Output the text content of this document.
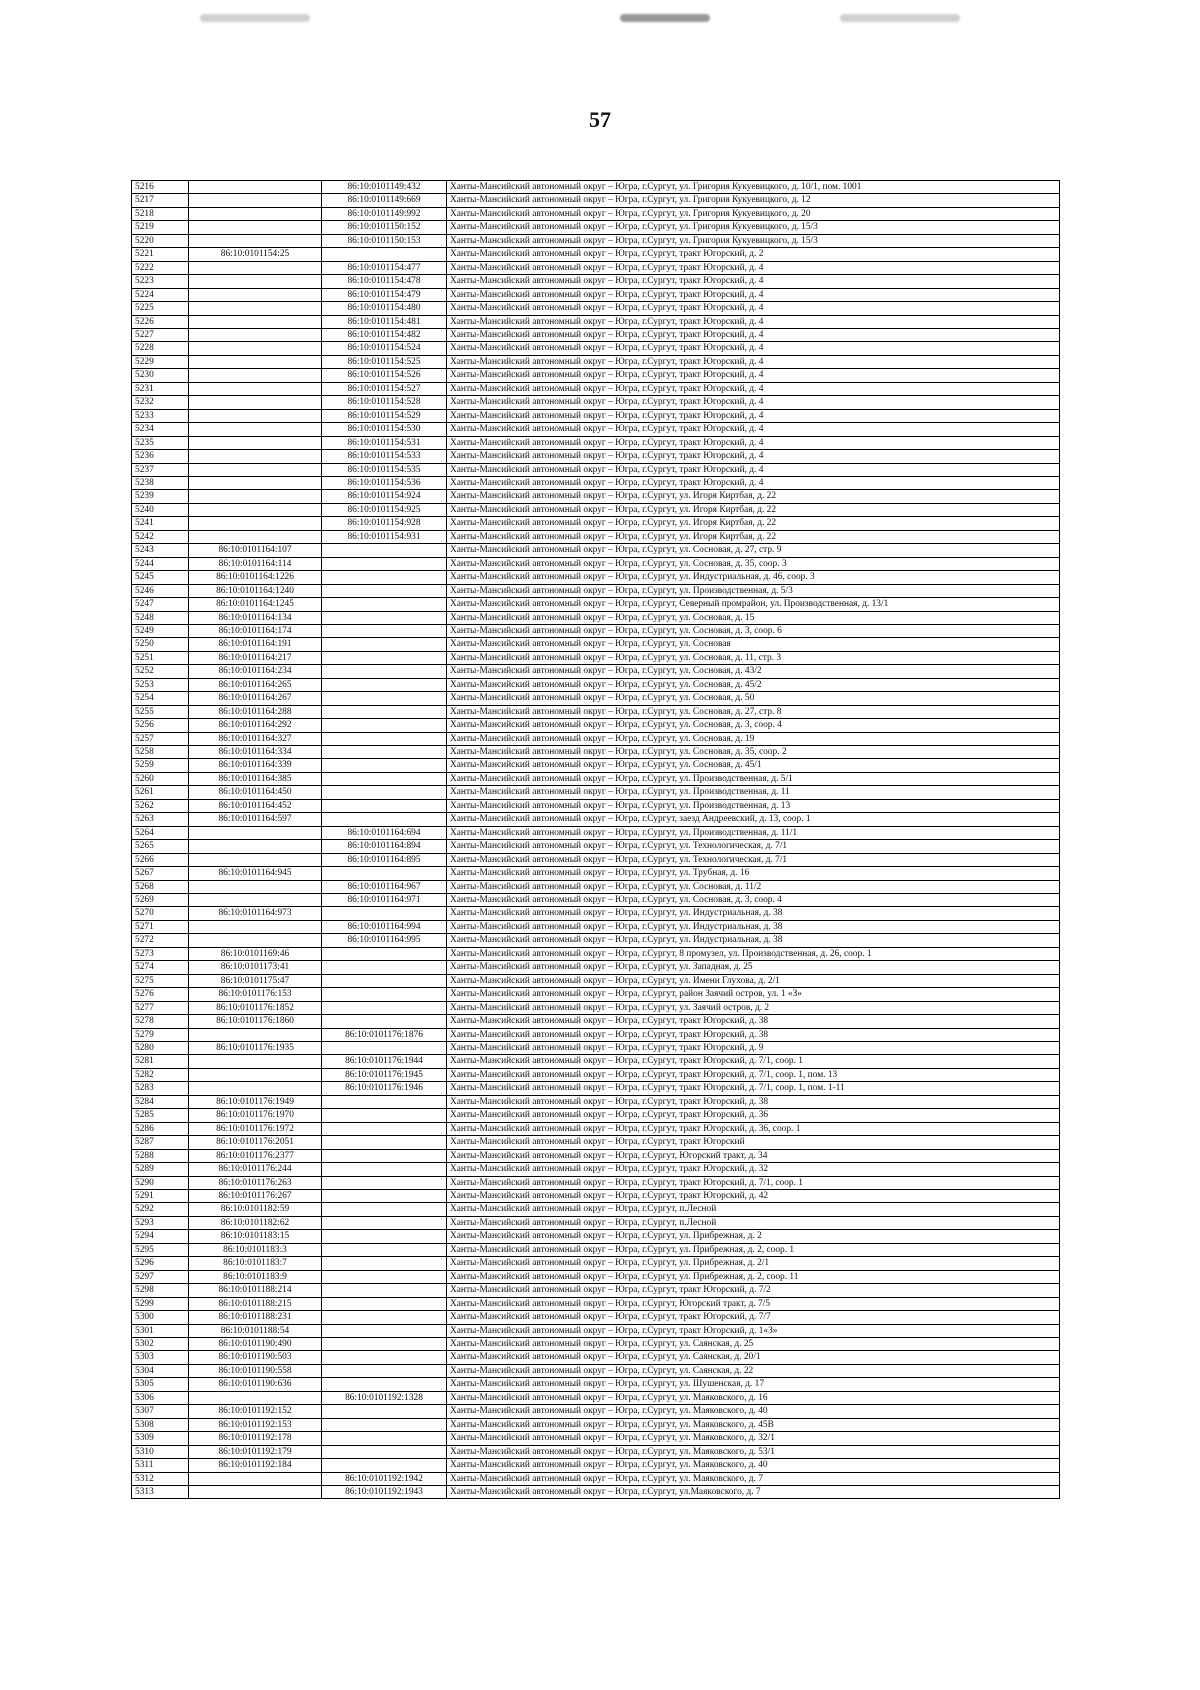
57
5216		86:10:0101149:432	Ханты-Мансийский автономный округ – Югра, г.Сургут, ул. Григория Кукуевицкого, д. 10/1, пом. 1001
5217		86:10:0101149:669	Ханты-Мансийский автономный округ – Югра, г.Сургут, ул. Григория Кукуевицкого, д. 12
5218		86:10:0101149:992	Ханты-Мансийский автономный округ – Югра, г.Сургут, ул. Григория Кукуевицкого, д. 20
5219		86:10:0101150:152	Ханты-Мансийский автономный округ – Югра, г.Сургут, ул. Григория Кукуевицкого, д. 15/3
5220		86:10:0101150:153	Ханты-Мансийский автономный округ – Югра, г.Сургут, ул. Григория Кукуевицкого, д. 15/3
5221	86:10:0101154:25		Ханты-Мансийский автономный округ – Югра, г.Сургут, тракт Югорский, д. 2
5222		86:10:0101154:477	Ханты-Мансийский автономный округ – Югра, г.Сургут, тракт Югорский, д. 4
5223		86:10:0101154:478	Ханты-Мансийский автономный округ – Югра, г.Сургут, тракт Югорский, д. 4
5224		86:10:0101154:479	Ханты-Мансийский автономный округ – Югра, г.Сургут, тракт Югорский, д. 4
5225		86:10:0101154:480	Ханты-Мансийский автономный округ – Югра, г.Сургут, тракт Югорский, д. 4
5226		86:10:0101154:481	Ханты-Мансийский автономный округ – Югра, г.Сургут, тракт Югорский, д. 4
5227		86:10:0101154:482	Ханты-Мансийский автономный округ – Югра, г.Сургут, тракт Югорский, д. 4
5228		86:10:0101154:524	Ханты-Мансийский автономный округ – Югра, г.Сургут, тракт Югорский, д. 4
5229		86:10:0101154:525	Ханты-Мансийский автономный округ – Югра, г.Сургут, тракт Югорский, д. 4
5230		86:10:0101154:526	Ханты-Мансийский автономный округ – Югра, г.Сургут, тракт Югорский, д. 4
5231		86:10:0101154:527	Ханты-Мансийский автономный округ – Югра, г.Сургут, тракт Югорский, д. 4
5232		86:10:0101154:528	Ханты-Мансийский автономный округ – Югра, г.Сургут, тракт Югорский, д. 4
5233		86:10:0101154:529	Ханты-Мансийский автономный округ – Югра, г.Сургут, тракт Югорский, д. 4
5234		86:10:0101154:530	Ханты-Мансийский автономный округ – Югра, г.Сургут, тракт Югорский, д. 4
5235		86:10:0101154:531	Ханты-Мансийский автономный округ – Югра, г.Сургут, тракт Югорский, д. 4
5236		86:10:0101154:533	Ханты-Мансийский автономный округ – Югра, г.Сургут, тракт Югорский, д. 4
5237		86:10:0101154:535	Ханты-Мансийский автономный округ – Югра, г.Сургут, тракт Югорский, д. 4
5238		86:10:0101154:536	Ханты-Мансийский автономный округ – Югра, г.Сургут, тракт Югорский, д. 4
5239		86:10:0101154:924	Ханты-Мансийский автономный округ – Югра, г.Сургут, ул. Игоря Киртбая, д. 22
5240		86:10:0101154:925	Ханты-Мансийский автономный округ – Югра, г.Сургут, ул. Игоря Киртбая, д. 22
5241		86:10:0101154:928	Ханты-Мансийский автономный округ – Югра, г.Сургут, ул. Игоря Киртбая, д. 22
5242		86:10:0101154:931	Ханты-Мансийский автономный округ – Югра, г.Сургут, ул. Игоря Киртбая, д. 22
5243	86:10:0101164:107		Ханты-Мансийский автономный округ – Югра, г.Сургут, ул. Сосновая, д. 27, стр. 9
5244	86:10:0101164:114		Ханты-Мансийский автономный округ – Югра, г.Сургут, ул. Сосновая, д. 35, соор. 3
5245	86:10:0101164:1226		Ханты-Мансийский автономный округ – Югра, г.Сургут, ул. Индустриальная, д. 46, соор. 3
5246	86:10:0101164:1240		Ханты-Мансийский автономный округ – Югра, г.Сургут, ул. Производственная, д. 5/3
5247	86:10:0101164:1245		Ханты-Мансийский автономный округ – Югра, г.Сургут, Северный промрайон, ул. Производственная, д. 13/1
5248	86:10:0101164:134		Ханты-Мансийский автономный округ – Югра, г.Сургут, ул. Сосновая, д. 15
5249	86:10:0101164:174		Ханты-Мансийский автономный округ – Югра, г.Сургут, ул. Сосновая, д. 3, соор. 6
5250	86:10:0101164:191		Ханты-Мансийский автономный округ – Югра, г.Сургут, ул. Сосновая
5251	86:10:0101164:217		Ханты-Мансийский автономный округ – Югра, г.Сургут, ул. Сосновая, д. 11, стр. 3
5252	86:10:0101164:234		Ханты-Мансийский автономный округ – Югра, г.Сургут, ул. Сосновая, д. 43/2
5253	86:10:0101164:265		Ханты-Мансийский автономный округ – Югра, г.Сургут, ул. Сосновая, д. 45/2
5254	86:10:0101164:267		Ханты-Мансийский автономный округ – Югра, г.Сургут, ул. Сосновая, д. 50
5255	86:10:0101164:288		Ханты-Мансийский автономный округ – Югра, г.Сургут, ул. Сосновая, д. 27, стр. 8
5256	86:10:0101164:292		Ханты-Мансийский автономный округ – Югра, г.Сургут, ул. Сосновая, д. 3, соор. 4
5257	86:10:0101164:327		Ханты-Мансийский автономный округ – Югра, г.Сургут, ул. Сосновая, д. 19
5258	86:10:0101164:334		Ханты-Мансийский автономный округ – Югра, г.Сургут, ул. Сосновая, д. 35, соор. 2
5259	86:10:0101164:339		Ханты-Мансийский автономный округ – Югра, г.Сургут, ул. Сосновая, д. 45/1
5260	86:10:0101164:385		Ханты-Мансийский автономный округ – Югра, г.Сургут, ул. Производственная, д. 5/1
5261	86:10:0101164:450		Ханты-Мансийский автономный округ – Югра, г.Сургут, ул. Производственная, д. 11
5262	86:10:0101164:452		Ханты-Мансийский автономный округ – Югра, г.Сургут, ул. Производственная, д. 13
5263	86:10:0101164:597		Ханты-Мансийский автономный округ – Югра, г.Сургут, заезд Андреевский, д. 13, соор. 1
5264		86:10:0101164:694	Ханты-Мансийский автономный округ – Югра, г.Сургут, ул. Производственная, д. 11/1
5265		86:10:0101164:894	Ханты-Мансийский автономный округ – Югра, г.Сургут, ул. Технологическая, д. 7/1
5266		86:10:0101164:895	Ханты-Мансийский автономный округ – Югра, г.Сургут, ул. Технологическая, д. 7/1
5267	86:10:0101164:945		Ханты-Мансийский автономный округ – Югра, г.Сургут, ул. Трубная, д. 16
5268		86:10:0101164:967	Ханты-Мансийский автономный округ – Югра, г.Сургут, ул. Сосновая, д. 11/2
5269		86:10:0101164:971	Ханты-Мансийский автономный округ – Югра, г.Сургут, ул. Сосновая, д. 3, соор. 4
5270	86:10:0101164:973		Ханты-Мансийский автономный округ – Югра, г.Сургут, ул. Индустриальная, д. 38
5271		86:10:0101164:994	Ханты-Мансийский автономный округ – Югра, г.Сургут, ул. Индустриальная, д. 38
5272		86:10:0101164:995	Ханты-Мансийский автономный округ – Югра, г.Сургут, ул. Индустриальная, д. 38
5273	86:10:0101169:46		Ханты-Мансийский автономный округ – Югра, г.Сургут, 8 промузел, ул. Производственная, д. 26, соор. 1
5274	86:10:0101173:41		Ханты-Мансийский автономный округ – Югра, г.Сургут, ул. Западная, д. 25
5275	86:10:0101175:47		Ханты-Мансийский автономный округ – Югра, г.Сургут, ул. Имени Глухова, д. 2/1
5276	86:10:0101176:153		Ханты-Мансийский автономный округ – Югра, г.Сургут, район Заячий остров, ул. 1 «З»
5277	86:10:0101176:1852		Ханты-Мансийский автономный округ – Югра, г.Сургут, ул. Заячий остров, д. 2
5278	86:10:0101176:1860		Ханты-Мансийский автономный округ – Югра, г.Сургут, тракт Югорский, д. 38
5279		86:10:0101176:1876	Ханты-Мансийский автономный округ – Югра, г.Сургут, тракт Югорский, д. 38
5280	86:10:0101176:1935		Ханты-Мансийский автономный округ – Югра, г.Сургут, тракт Югорский, д. 9
5281		86:10:0101176:1944	Ханты-Мансийский автономный округ – Югра, г.Сургут, тракт Югорский, д. 7/1, соор. 1
5282		86:10:0101176:1945	Ханты-Мансийский автономный округ – Югра, г.Сургут, тракт Югорский, д. 7/1, соор. 1, пом. 13
5283		86:10:0101176:1946	Ханты-Мансийский автономный округ – Югра, г.Сургут, тракт Югорский, д. 7/1, соор. 1, пом. 1-11
5284	86:10:0101176:1949		Ханты-Мансийский автономный округ – Югра, г.Сургут, тракт Югорский, д. 38
5285	86:10:0101176:1970		Ханты-Мансийский автономный округ – Югра, г.Сургут, тракт Югорский, д. 36
5286	86:10:0101176:1972		Ханты-Мансийский автономный округ – Югра, г.Сургут, тракт Югорский, д. 36, соор. 1
5287	86:10:0101176:2051		Ханты-Мансийский автономный округ – Югра, г.Сургут, тракт Югорский
5288	86:10:0101176:2377		Ханты-Мансийский автономный округ – Югра, г.Сургут, Югорский тракт, д. 34
5289	86:10:0101176:244		Ханты-Мансийский автономный округ – Югра, г.Сургут, тракт Югорский, д. 32
5290	86:10:0101176:263		Ханты-Мансийский автономный округ – Югра, г.Сургут, тракт Югорский, д. 7/1, соор. 1
5291	86:10:0101176:267		Ханты-Мансийский автономный округ – Югра, г.Сургут, тракт Югорский, д. 42
5292	86:10:0101182:59		Ханты-Мансийский автономный округ – Югра, г.Сургут, п.Лесной
5293	86:10:0101182:62		Ханты-Мансийский автономный округ – Югра, г.Сургут, п.Лесной
5294	86:10:0101183:15		Ханты-Мансийский автономный округ – Югра, г.Сургут, ул. Прибрежная, д. 2
5295	86:10:0101183:3		Ханты-Мансийский автономный округ – Югра, г.Сургут, ул. Прибрежная, д. 2, соор. 1
5296	86:10:0101183:7		Ханты-Мансийский автономный округ – Югра, г.Сургут, ул. Прибрежная, д. 2/1
5297	86:10:0101183:9		Ханты-Мансийский автономный округ – Югра, г.Сургут, ул. Прибрежная, д. 2, соор. 11
5298	86:10:0101188:214		Ханты-Мансийский автономный округ – Югра, г.Сургут, тракт Югорский, д. 7/2
5299	86:10:0101188:215		Ханты-Мансийский автономный округ – Югра, г.Сургут, Югорский тракт, д. 7/5
5300	86:10:0101188:231		Ханты-Мансийский автономный округ – Югра, г.Сургут, тракт Югорский, д. 7/7
5301	86:10:0101188:54		Ханты-Мансийский автономный округ – Югра, г.Сургут, тракт Югорский, д. 1«З»
5302	86:10:0101190:490		Ханты-Мансийский автономный округ – Югра, г.Сургут, ул. Саянская, д. 25
5303	86:10:0101190:503		Ханты-Мансийский автономный округ – Югра, г.Сургут, ул. Саянская, д. 20/1
5304	86:10:0101190:558		Ханты-Мансийский автономный округ – Югра, г.Сургут, ул. Саянская, д. 22
5305	86:10:0101190:636		Ханты-Мансийский автономный округ – Югра, г.Сургут, ул. Шушенская, д. 17
5306		86:10:0101192:1328	Ханты-Мансийский автономный округ – Югра, г.Сургут, ул. Маяковского, д. 16
5307	86:10:0101192:152		Ханты-Мансийский автономный округ – Югра, г.Сургут, ул. Маяковского, д. 40
5308	86:10:0101192:153		Ханты-Мансийский автономный округ – Югра, г.Сургут, ул. Маяковского, д. 45В
5309	86:10:0101192:178		Ханты-Мансийский автономный округ – Югра, г.Сургут, ул. Маяковского, д. 32/1
5310	86:10:0101192:179		Ханты-Мансийский автономный округ – Югра, г.Сургут, ул. Маяковского, д. 53/1
5311	86:10:0101192:184		Ханты-Мансийский автономный округ – Югра, г.Сургут, ул. Маяковского, д. 40
5312		86:10:0101192:1942	Ханты-Мансийский автономный округ – Югра, г.Сургут, ул. Маяковского, д. 7
5313		86:10:0101192:1943	Ханты-Мансийский автономный округ – Югра, г.Сургут, ул.Маяковского, д. 7
